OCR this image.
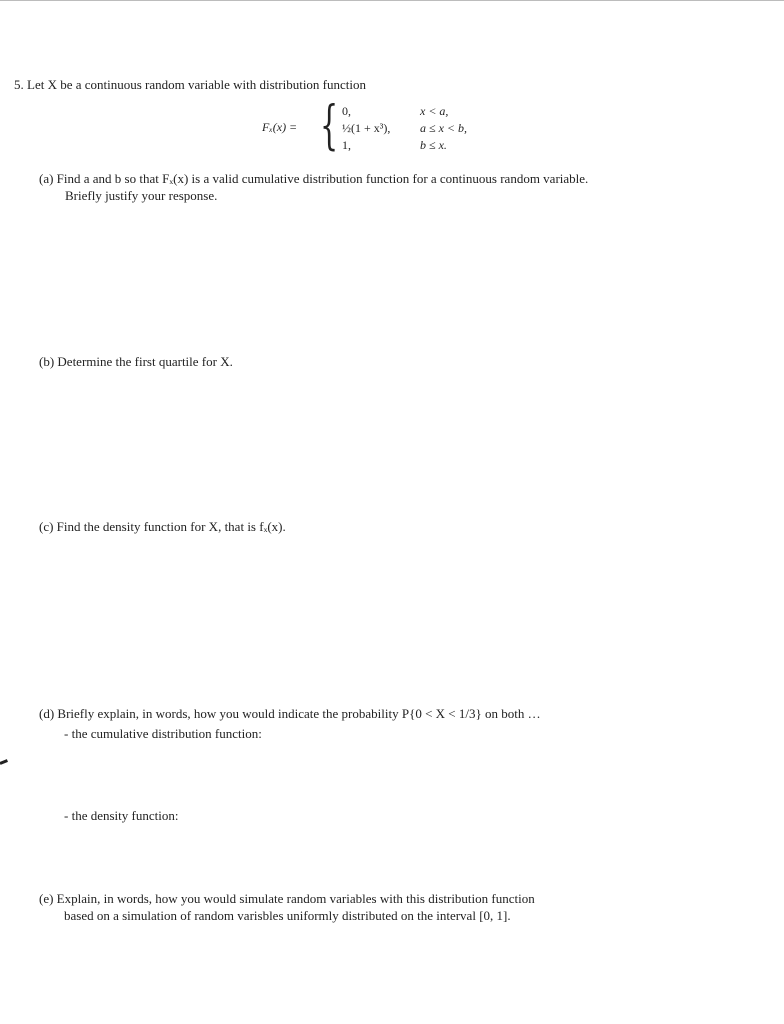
5. Let X be a continuous random variable with distribution function
Fₓ(x) = { 0,	x < a,
½(1 + x³), a ≤ x < b,
1,	b ≤ x.
(a) Find a and b so that Fₓ(x) is a valid cumulative distribution function for a continuous random variable.
Briefly justify your response.
(b) Determine the first quartile for X.
(c) Find the density function for X, that is fₓ(x).
(d) Briefly explain, in words, how you would indicate the probability P{0 < X < 1/3} on both …
- the cumulative distribution function:
- the density function:
(e) Explain, in words, how you would simulate random variables with this distribution function
based on a simulation of random varisbles uniformly distributed on the interval [0, 1].
